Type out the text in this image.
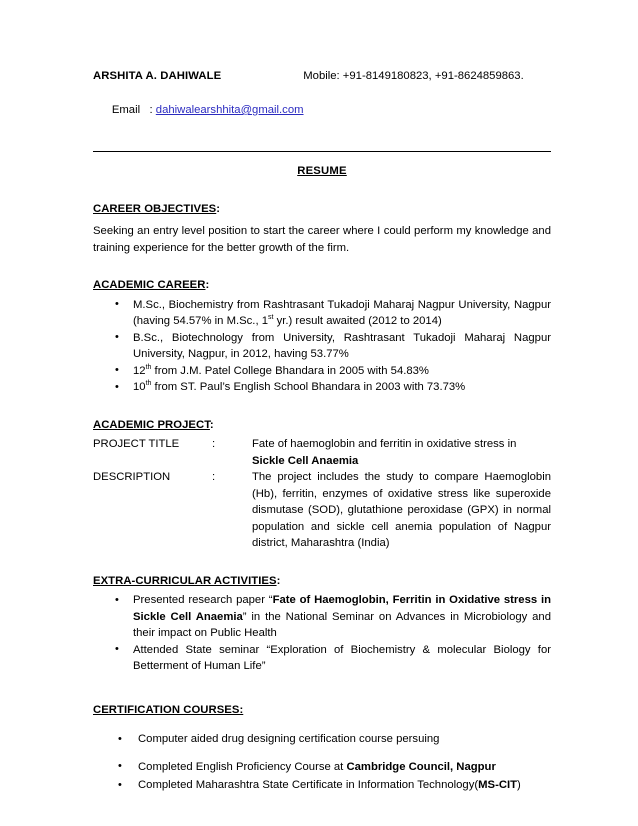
ARSHITA A. DAHIWALE	Mobile: +91-8149180823, +91-8624859863.

Email   : dahiwalearshhita@gmail.com

RESUME
CAREER OBJECTIVES:
Seeking an entry level position to start the career where I could perform my knowledge and training experience for the better growth of the firm.
ACADEMIC CAREER:
• M.Sc., Biochemistry from Rashtrasant Tukadoji Maharaj Nagpur University, Nagpur (having 54.57% in M.Sc., 1st yr.) result awaited (2012 to 2014)
• B.Sc., Biotechnology from University, Rashtrasant Tukadoji Maharaj Nagpur University, Nagpur, in 2012, having 53.77%
• 12th from J.M. Patel College Bhandara in 2005 with 54.83%
• 10th from ST. Paul’s English School Bhandara in 2003 with 73.73%
ACADEMIC PROJECT:
PROJECT TITLE	:	Fate of haemoglobin and ferritin in oxidative stress in Sickle Cell Anaemia
DESCRIPTION	:	The project includes the study to compare Haemoglobin (Hb), ferritin, enzymes of oxidative stress like superoxide dismutase (SOD), glutathione peroxidase (GPX) in normal population and sickle cell anemia population of Nagpur district, Maharashtra (India)
EXTRA-CURRICULAR ACTIVITIES:
• Presented research paper “Fate of Haemoglobin, Ferritin in Oxidative stress in Sickle Cell Anaemia” in the National Seminar on Advances in Microbiology and their impact on Public Health
• Attended State seminar “Exploration of Biochemistry & molecular Biology for Betterment of Human Life”
CERTIFICATION COURSES:
• Computer aided drug designing certification course persuing
• Completed English Proficiency Course at Cambridge Council, Nagpur
• Completed Maharashtra State Certificate in Information Technology(MS-CIT)
